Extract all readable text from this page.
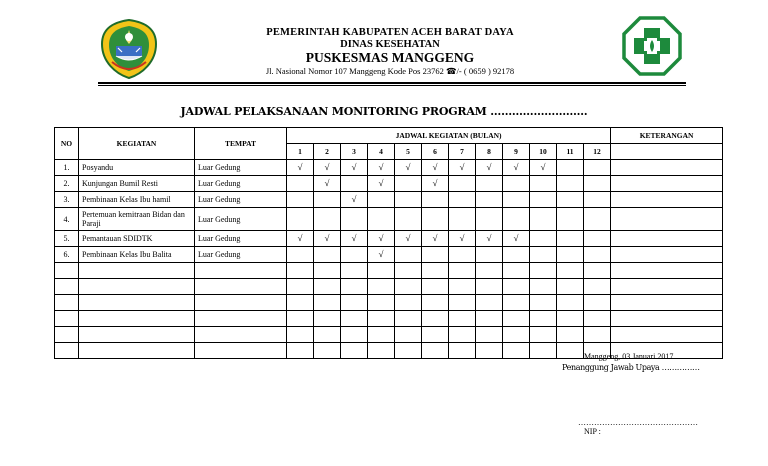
PEMERINTAH KABUPATEN ACEH BARAT DAYA
DINAS KESEHATAN
PUSKESMAS MANGGENG
Jl. Nasional Nomor 107 Manggeng Kode Pos 23762 ☎/- ( 0659 ) 92178
JADWAL PELAKSANAAN MONITORING PROGRAM ………………………
NO	KEGIATAN	TEMPAT	JADWAL KEGIATAN (BULAN)												KETERANGAN
			1	2	3	4	5	6	7	8	9	10	11	12	
1.	Posyandu	Luar Gedung	√	√	√	√	√	√	√	√	√	√			
2.	Kunjungan Bumil Resti	Luar Gedung		√		√		√							
3.	Pembinaan Kelas Ibu hamil	Luar Gedung			√										
4.	Pertemuan kemitraan Bidan dan Paraji	Luar Gedung													
5.	Pemantauan SDIDTK	Luar Gedung	√	√	√	√	√	√	√	√	√				
6.	Pembinaan Kelas Ibu Balita	Luar Gedung				√									

Manggeng, 03 Januari 2017
Penanggung Jawab Upaya ……………
………………………………………
NIP :
